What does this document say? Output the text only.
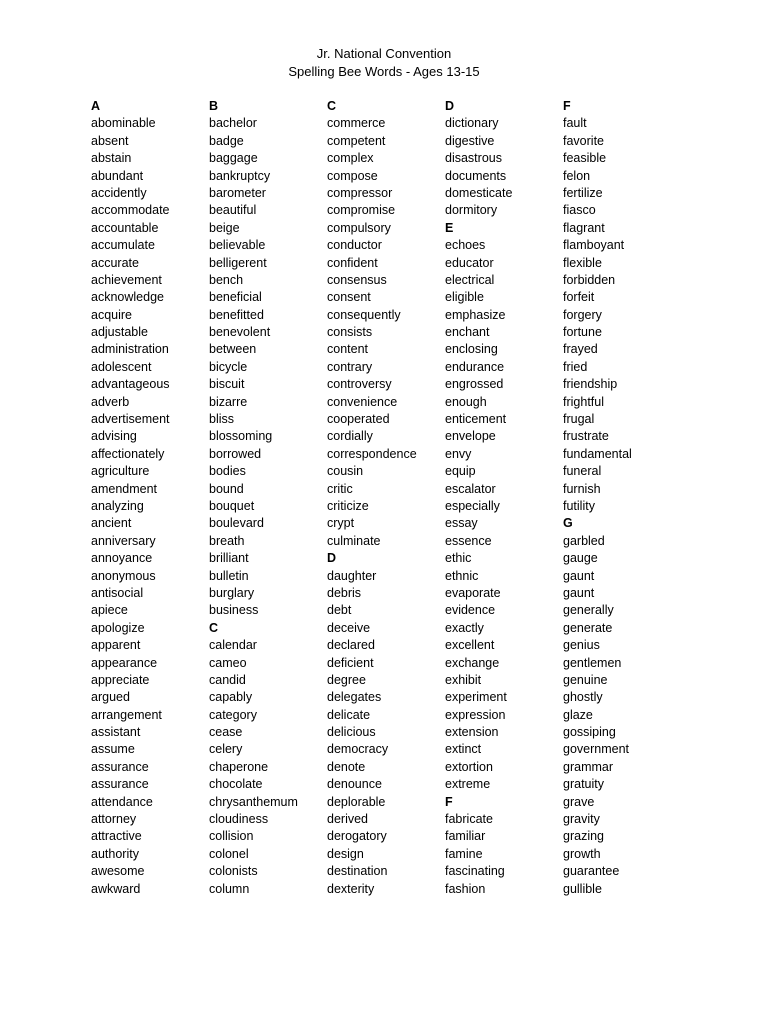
Jr. National Convention
Spelling Bee Words - Ages 13-15
A
abominable
absent
abstain
abundant
accidently
accommodate
accountable
accumulate
accurate
achievement
acknowledge
acquire
adjustable
administration
adolescent
advantageous
adverb
advertisement
advising
affectionately
agriculture
amendment
analyzing
ancient
anniversary
annoyance
anonymous
antisocial
apiece
apologize
apparent
appearance
appreciate
argued
arrangement
assistant
assume
assurance
assurance
attendance
attorney
attractive
authority
awesome
awkward
B
bachelor
badge
baggage
bankruptcy
barometer
beautiful
beige
believable
belligerent
bench
beneficial
benefitted
benevolent
between
bicycle
biscuit
bizarre
bliss
blossoming
borrowed
bodies
bound
bouquet
boulevard
breath
brilliant
bulletin
burglary
business
C
calendar
cameo
candid
capably
category
cease
celery
chaperone
chocolate
chrysanthemum
cloudiness
collision
colonel
colonists
column
C
commerce
competent
complex
compose
compressor
compromise
compulsory
conductor
confident
consensus
consent
consequently
consists
content
contrary
controversy
convenience
cooperated
cordially
correspondence
cousin
critic
criticize
crypt
culminate
D
daughter
debris
debt
deceive
declared
deficient
degree
delegates
delicate
delicious
democracy
denote
denounce
deplorable
derived
derogatory
design
destination
dexterity
D
dictionary
digestive
disastrous
documents
domesticate
dormitory
E
echoes
educator
electrical
eligible
emphasize
enchant
enclosing
endurance
engrossed
enough
enticement
envelope
envy
equip
escalator
especially
essay
essence
ethic
ethnic
evaporate
evidence
exactly
excellent
exchange
exhibit
experiment
expression
extension
extinct
extortion
extreme
F
fabricate
familiar
famine
fascinating
fashion
F
fault
favorite
feasible
felon
fertilize
fiasco
flagrant
flamboyant
flexible
forbidden
forfeit
forgery
fortune
frayed
fried
friendship
frightful
frugal
frustrate
fundamental
funeral
furnish
futility
G
garbled
gauge
gaunt
gaunt
generally
generate
genius
gentlemen
genuine
ghostly
glaze
gossiping
government
grammar
gratuity
grave
gravity
grazing
growth
guarantee
gullible
